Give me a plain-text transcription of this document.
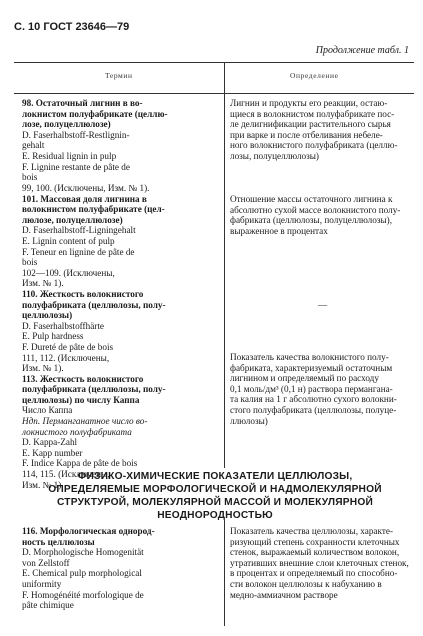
С. 10 ГОСТ 23646—79
Продолжение табл. 1
Термин	Определение
98. Остаточный лигнин в во-
локнистом полуфабрикате (целлю-
лозе, полуцеллюлозе)
D. Faserhalbstoff-Restlignin-
gehalt
E. Residual lignin in pulp
F. Lignine restante de pâte de
bois
Лигнин и продукты его реакции, остаю-
щиеся в волокнистом полуфабрикате пос-
ле делигнификации растительного сырья
при варке и после отбеливания небеле-
ного волокнистого полуфабриката (целлю-
лозы, полуцеллюлозы)
99, 100. (Исключены, Изм. № 1).
101. Массовая доля лигнина в
волокнистом полуфабрикате (цел-
люлозе, полуцеллюлозе)
D. Faserhalbstoff-Ligningehalt
E. Lignin content of pulp
F. Teneur en lignine de pâte de
bois
102—109. (Исключены,
Изм. № 1).
110. Жесткость волокнистого
полуфабриката (целлюлозы, полу-
целлюлозы)
D. Faserhalbstoffhärte
E. Pulp hardness
F. Dureté de pâte de bois
111, 112. (Исключены,
Изм. № 1).
113. Жесткость волокнистого
полуфабриката (целлюлозы, полу-
целлюлозы) по числу Каппа
Число Каппа
Ндп. Перманганатное число во-
локнистого полуфабриката
D. Kappa-Zahl
E. Kapp number
F. Indice Kappa de pâte de bois
114, 115. (Исключены,
Изм. № 1).
Отношение массы остаточного лигнина к
абсолютно сухой массе волокнистого полу-
фабриката (целлюлозы, полуцеллюлозы),
выраженное в процентах
—
Показатель качества волокнистого полу-
фабриката, характеризуемый остаточным
лигнином и определяемый по расходу
0,1 моль/дм³ (0,1 н) раствора пермангана-
та калия на 1 г абсолютно сухого волокни-
стого полуфабриката (целлюлозы, полуце-
ллюлозы)
ФИЗИКО-ХИМИЧЕСКИЕ ПОКАЗАТЕЛИ ЦЕЛЛЮЛОЗЫ,
ОПРЕДЕЛЯЕМЫЕ МОРФОЛОГИЧЕСКОЙ И НАДМОЛЕКУЛЯРНОЙ
СТРУКТУРОЙ, МОЛЕКУЛЯРНОЙ МАССОЙ И МОЛЕКУЛЯРНОЙ
НЕОДНОРОДНОСТЬЮ
116. Морфологическая однород-
ность целлюлозы
D. Morphologische Homogenität
von Zellstoff
E. Chemical pulp morphological
uniformity
F. Homogénéité morfologique de
pâte chimique
Показатель качества целлюлозы, характе-
ризующий степень сохранности клеточных
стенок, выражаемый количеством волокон,
утративших внешние слои клеточных стенок,
в процентах и определяемый по способно-
сти волокон целлюлозы к набуханию в
медно-аммиачном растворе
